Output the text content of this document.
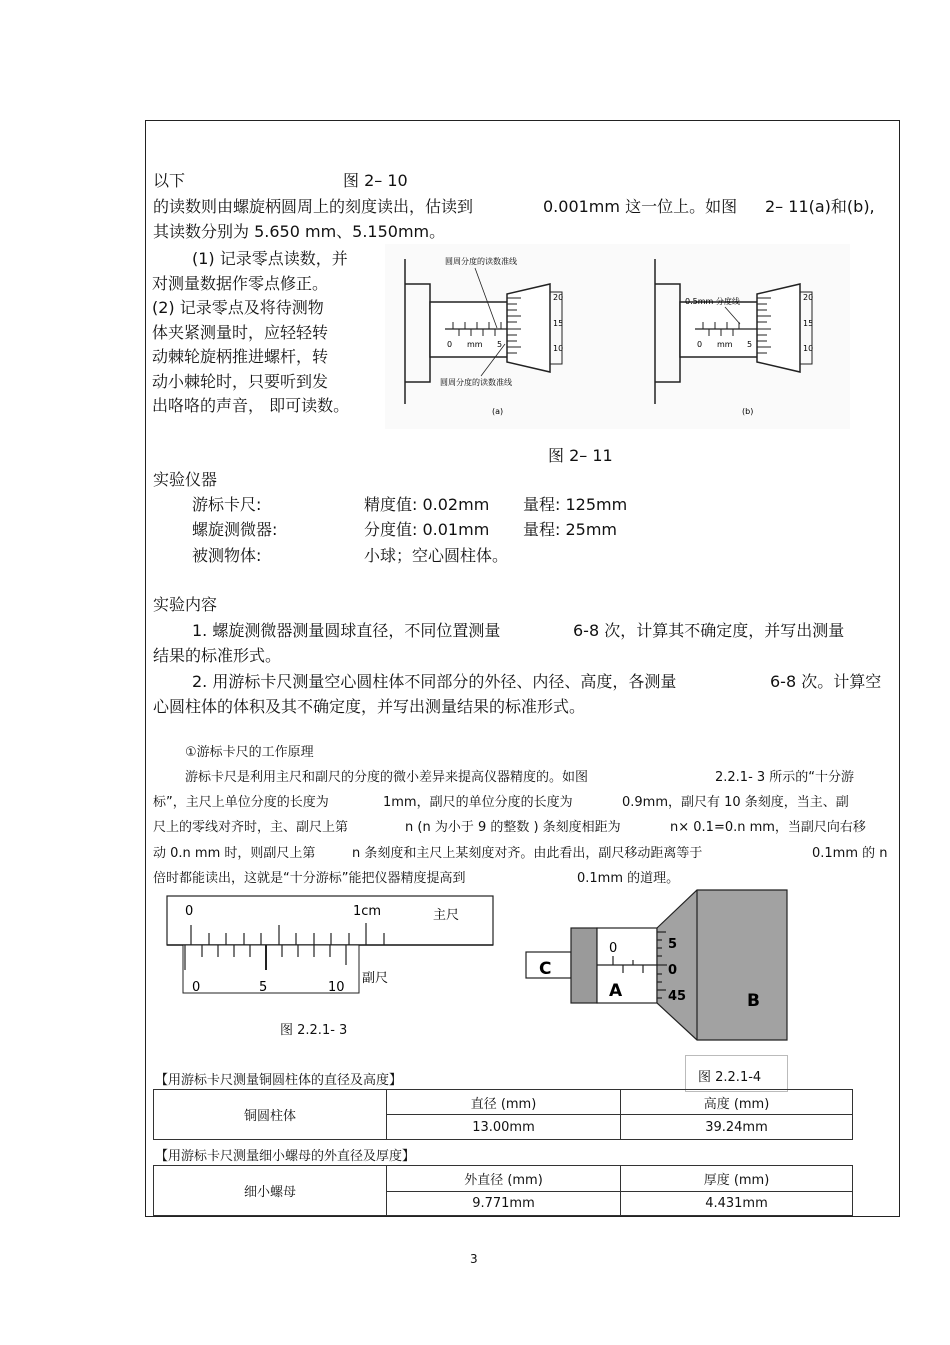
以下	图 2– 10
的读数则由螺旋柄圆周上的刻度读出，估读到	0.001mm 这一位上。如图 2– 11(a)和(b),
其读数分别为 5.650 mm、5.150mm。
(1) 记录零点读数，并
对测量数据作零点修正。
(2) 记录零点及将待测物
体夹紧测量时，应轻轻转
动棘轮旋柄推进螺杆，转
动小棘轮时，只要听到发
出咯咯的声音， 即可读数。
20
15
10
0 mm 5
圆周分度的读数准线
圆周分度的读数准线
(a)
20
15
10
0 mm 5
0.5mm 分度线
(b)
图 2– 11
实验仪器
游标卡尺:	精度值: 0.02mm 量程: 125mm
螺旋测微器:	分度值: 0.01mm 量程: 25mm
被测物体:	小球；空心圆柱体。
实验内容
1. 螺旋测微器测量圆球直径，不同位置测量	6-8 次，计算其不确定度，并写出测量
结果的标准形式。
2. 用游标卡尺测量空心圆柱体不同部分的外径、内径、高度，各测量	6-8 次。计算空
心圆柱体的体积及其不确定度，并写出测量结果的标准形式。
①游标卡尺的工作原理
游标卡尺是利用主尺和副尺的分度的微小差异来提高仪器精度的。如图	2.2.1- 3 所示的“十分游
标”，主尺上单位分度的长度为	1mm，副尺的单位分度的长度为	0.9mm，副尺有 10 条刻度，当主、副
尺上的零线对齐时，主、副尺上第	n (n 为小于 9 的整数 ) 条刻度相距为	n× 0.1=0.n mm，当副尺向右移
动 0.n mm 时，则副尺上第	n 条刻度和主尺上某刻度对齐。由此看出，副尺移动距离等于	0.1mm 的 n
倍时都能读出，这就是“十分游标”能把仪器精度提高到	0.1mm 的道理。
0	1cm	主尺
副尺
0	5	10
图 2.2.1- 3
C
0
A
5
0
45	B
图 2.2.1-4
【用游标卡尺测量铜圆柱体的直径及高度】
铜圆柱体	直径 (mm)	高度 (mm)
	13.00mm	39.24mm
【用游标卡尺测量细小螺母的外直径及厚度】
细小螺母	外直径 (mm)	厚度 (mm)
	9.771mm	4.431mm
3
